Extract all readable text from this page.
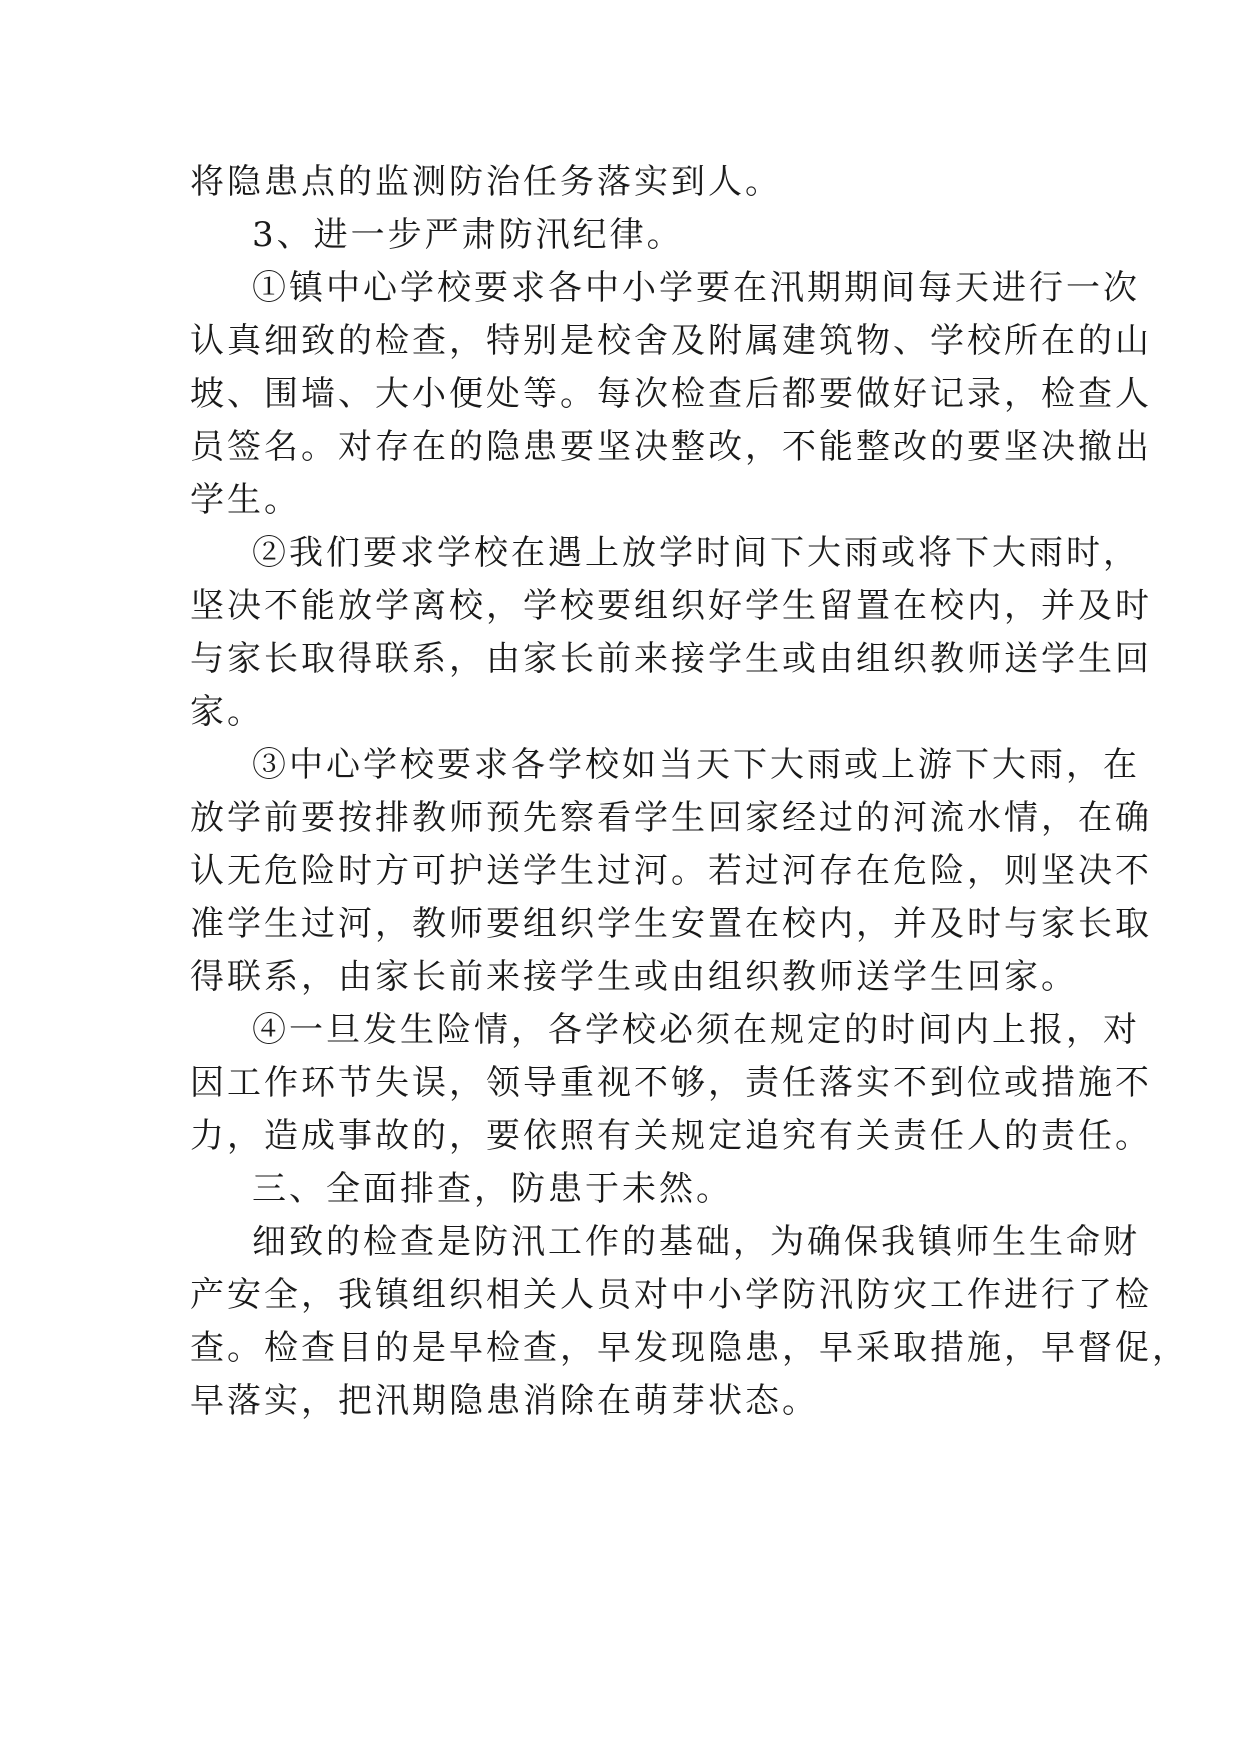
将隐患点的监测防治任务落实到人。
3、进一步严肃防汛纪律。
①镇中心学校要求各中小学要在汛期期间每天进行一次
认真细致的检查，特别是校舍及附属建筑物、学校所在的山
坡、围墙、大小便处等。每次检查后都要做好记录，检查人
员签名。对存在的隐患要坚决整改，不能整改的要坚决撤出
学生。
②我们要求学校在遇上放学时间下大雨或将下大雨时，
坚决不能放学离校，学校要组织好学生留置在校内，并及时
与家长取得联系，由家长前来接学生或由组织教师送学生回
家。
③中心学校要求各学校如当天下大雨或上游下大雨，在
放学前要按排教师预先察看学生回家经过的河流水情，在确
认无危险时方可护送学生过河。若过河存在危险，则坚决不
准学生过河，教师要组织学生安置在校内，并及时与家长取
得联系，由家长前来接学生或由组织教师送学生回家。
④一旦发生险情，各学校必须在规定的时间内上报，对
因工作环节失误，领导重视不够，责任落实不到位或措施不
力，造成事故的，要依照有关规定追究有关责任人的责任。
三、全面排查，防患于未然。
细致的检查是防汛工作的基础，为确保我镇师生生命财
产安全，我镇组织相关人员对中小学防汛防灾工作进行了检
查。检查目的是早检查，早发现隐患，早采取措施，早督促，
早落实，把汛期隐患消除在萌芽状态。
